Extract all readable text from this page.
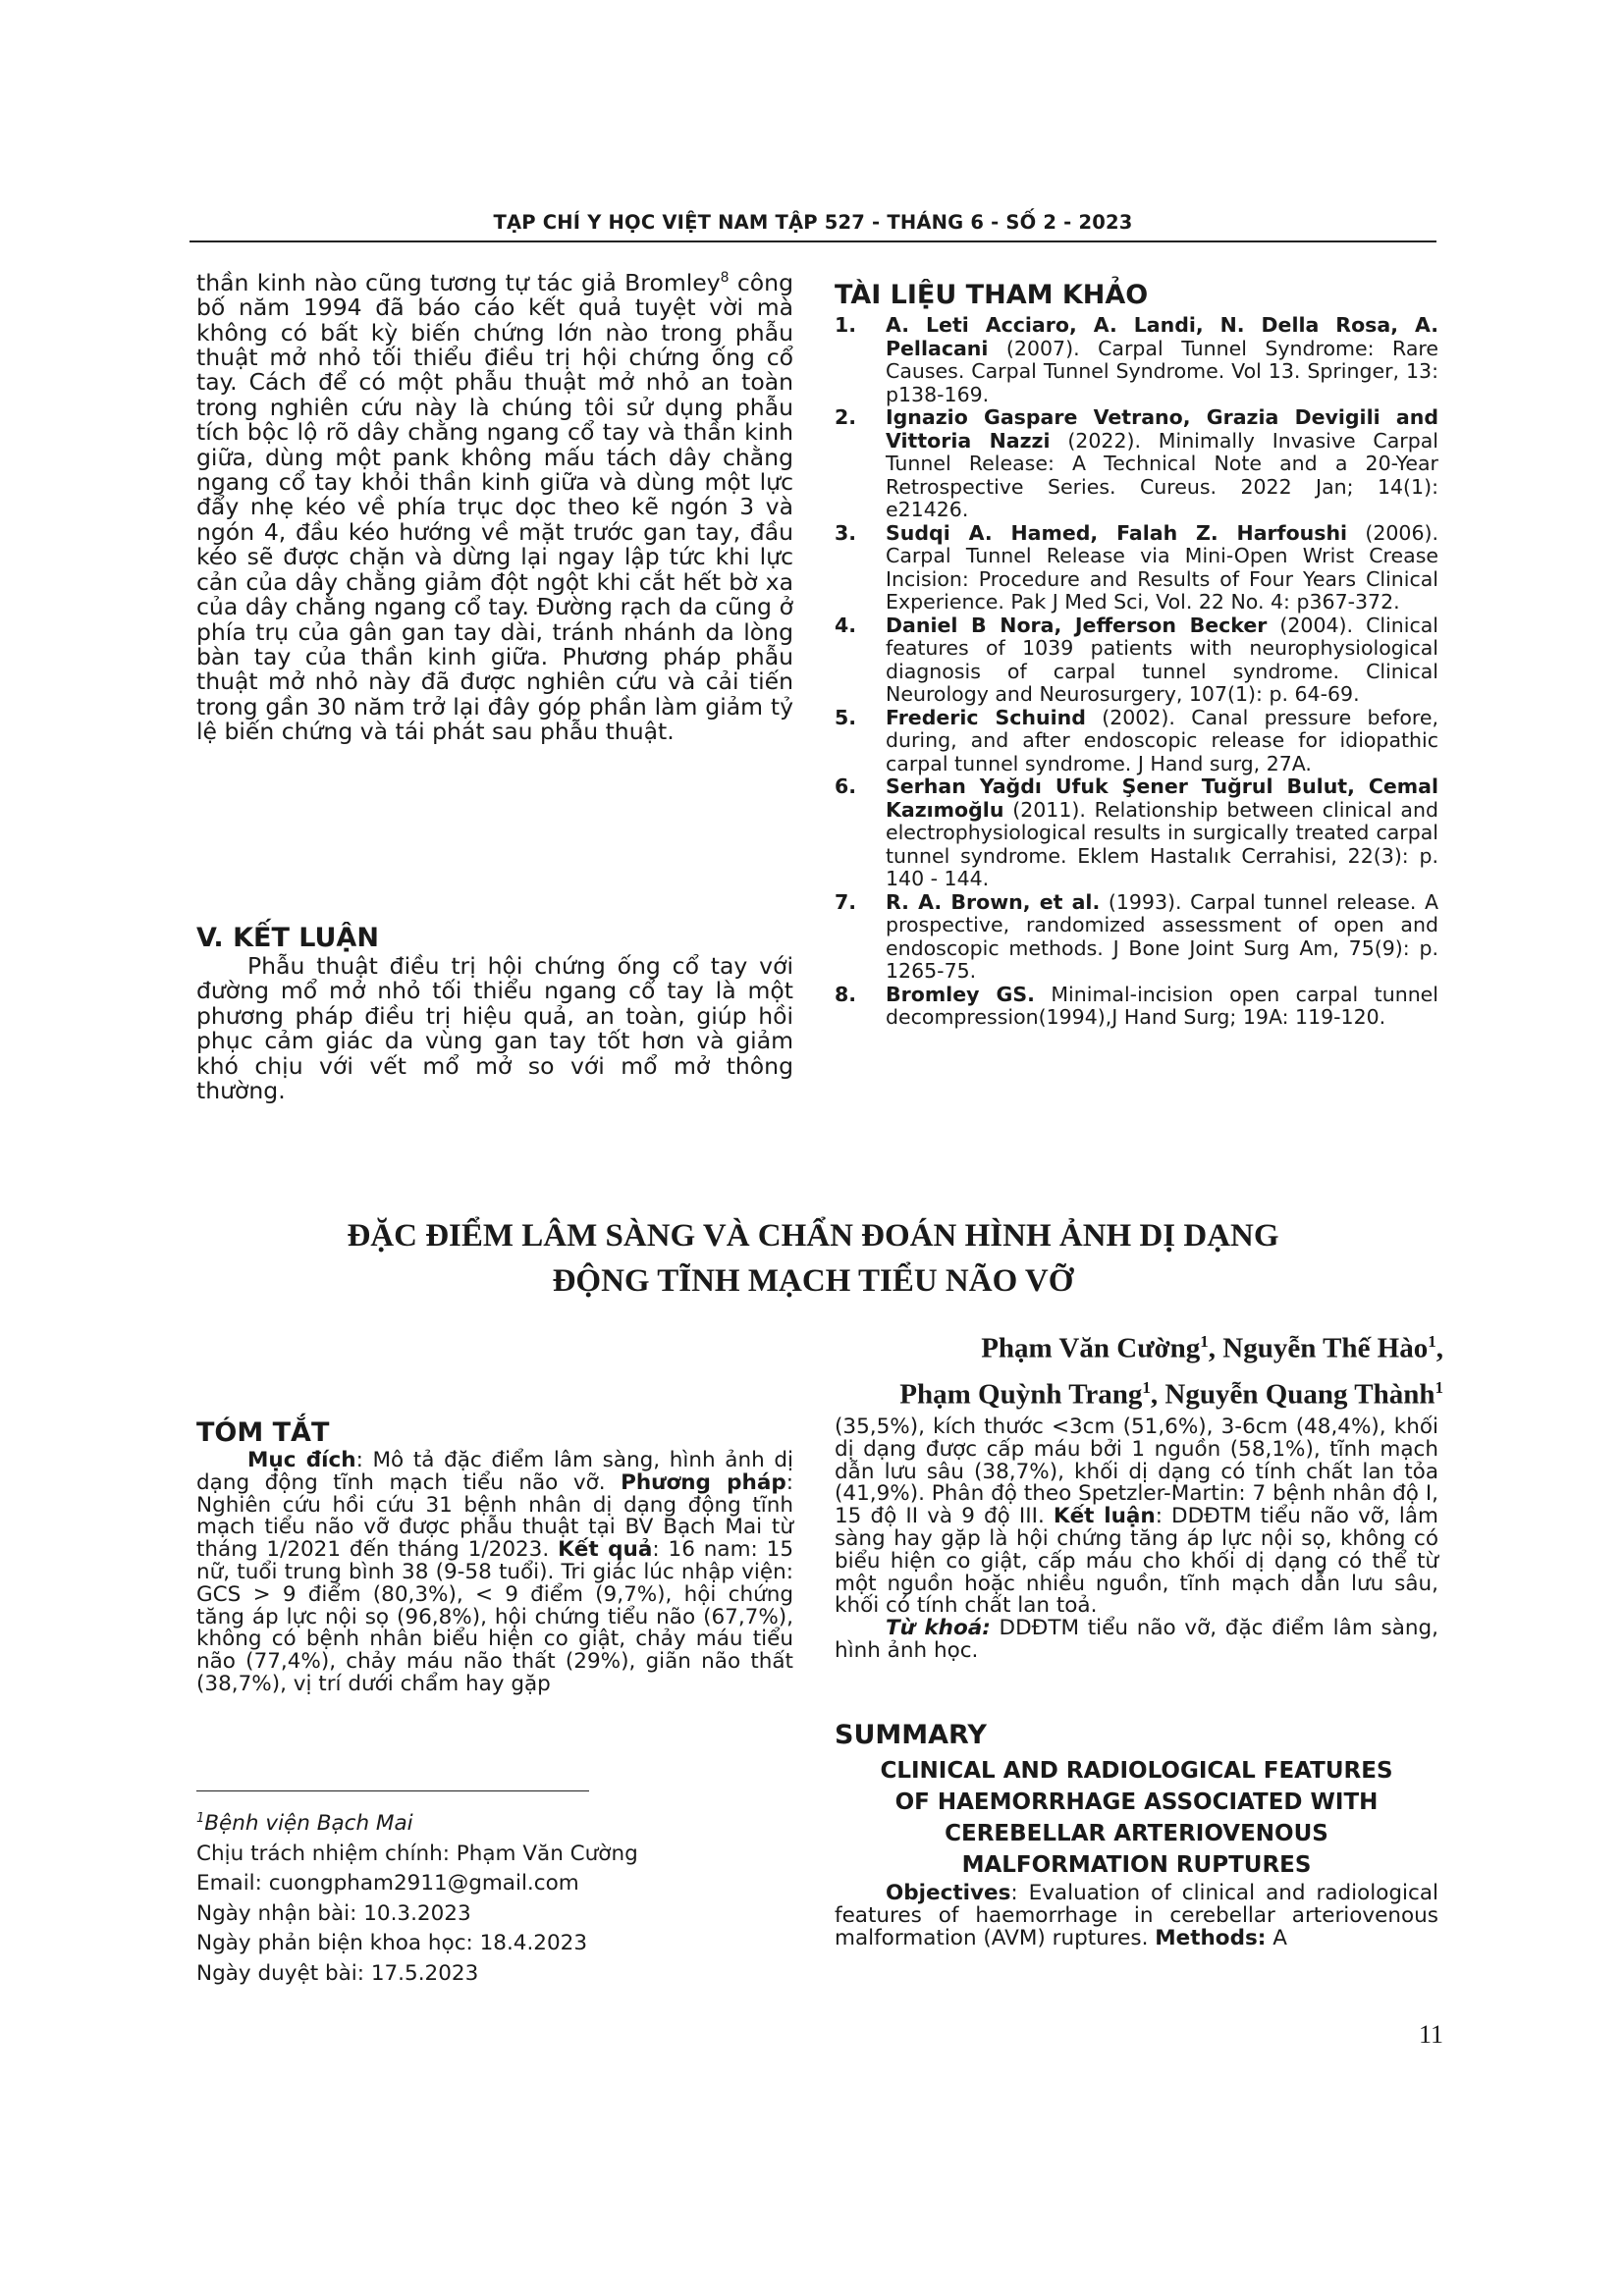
TẠP CHÍ Y HỌC VIỆT NAM TẬP 527 - THÁNG 6 - SỐ 2 - 2023

thần kinh nào cũng tương tự tác giả Bromley$^8$ công bố năm 1994 đã báo cáo kết quả tuyệt vời mà không có bất kỳ biến chứng lớn nào trong phẫu thuật mở nhỏ tối thiểu điều trị hội chứng ống cổ tay. Cách để có một phẫu thuật mở nhỏ an toàn trong nghiên cứu này là chúng tôi sử dụng phẫu tích bộc lộ rõ dây chằng ngang cổ tay và thần kinh giữa, dùng một pank không mấu tách dây chằng ngang cổ tay khỏi thần kinh giữa và dùng một lực đẩy nhẹ kéo về phía trục dọc theo kẽ ngón 3 và ngón 4, đầu kéo hướng về mặt trước gan tay, đầu kéo sẽ được chặn và dừng lại ngay lập tức khi lực cản của dây chằng giảm đột ngột khi cắt hết bờ xa của dây chằng ngang cổ tay. Đường rạch da cũng ở phía trụ của gân gan tay dài, tránh nhánh da lòng bàn tay của thần kinh giữa. Phương pháp phẫu thuật mở nhỏ này đã được nghiên cứu và cải tiến trong gần 30 năm trở lại đây góp phần làm giảm tỷ lệ biến chứng và tái phát sau phẫu thuật.

V. KẾT LUẬN

Phẫu thuật điều trị hội chứng ống cổ tay với đường mổ mở nhỏ tối thiểu ngang cổ tay là một phương pháp điều trị hiệu quả, an toàn, giúp hồi phục cảm giác da vùng gan tay tốt hơn và giảm khó chịu với vết mổ mở so với mổ mở thông thường.

TÀI LIỆU THAM KHẢO
1. A. Leti Acciaro, A. Landi, N. Della Rosa, A. Pellacani (2007). Carpal Tunnel Syndrome: Rare Causes. Carpal Tunnel Syndrome. Vol 13. Springer, 13: p138-169.
2. Ignazio Gaspare Vetrano, Grazia Devigili and Vittoria Nazzi (2022). Minimally Invasive Carpal Tunnel Release: A Technical Note and a 20-Year Retrospective Series. Cureus. 2022 Jan; 14(1): e21426.
3. Sudqi A. Hamed, Falah Z. Harfoushi (2006). Carpal Tunnel Release via Mini-Open Wrist Crease Incision: Procedure and Results of Four Years Clinical Experience. Pak J Med Sci, Vol. 22 No. 4: p367-372.
4. Daniel B Nora, Jefferson Becker (2004). Clinical features of 1039 patients with neurophysiological diagnosis of carpal tunnel syndrome. Clinical Neurology and Neurosurgery, 107(1): p. 64-69.
5. Frederic Schuind (2002). Canal pressure before, during, and after endoscopic release for idiopathic carpal tunnel syndrome. J Hand surg, 27A.
6. Serhan Yağdı Ufuk Şener Tuğrul Bulut, Cemal Kazımoğlu (2011). Relationship between clinical and electrophysiological results in surgically treated carpal tunnel syndrome. Eklem Hastalık Cerrahisi, 22(3): p. 140 - 144.
7. R. A. Brown, et al. (1993). Carpal tunnel release. A prospective, randomized assessment of open and endoscopic methods. J Bone Joint Surg Am, 75(9): p. 1265-75.
8. Bromley GS. Minimal-incision open carpal tunnel decompression(1994),J Hand Surg; 19A: 119-120.
ĐẶC ĐIỂM LÂM SÀNG VÀ CHẨN ĐOÁN HÌNH ẢNH DỊ DẠNG
ĐỘNG TĨNH MẠCH TIỂU NÃO VỠ
Phạm Văn Cường$^1$, Nguyễn Thế Hào$^1$,
Phạm Quỳnh Trang$^1$, Nguyễn Quang Thành$^1$
TÓM TẮT

Mục đích: Mô tả đặc điểm lâm sàng, hình ảnh dị dạng động tĩnh mạch tiểu não vỡ. Phương pháp: Nghiên cứu hồi cứu 31 bệnh nhân dị dạng động tĩnh mạch tiểu não vỡ được phẫu thuật tại BV Bạch Mai từ tháng 1/2021 đến tháng 1/2023. Kết quả: 16 nam: 15 nữ, tuổi trung bình 38 (9-58 tuổi). Tri giác lúc nhập viện: GCS > 9 điểm (80,3%), < 9 điểm (9,7%), hội chứng tăng áp lực nội sọ (96,8%), hội chứng tiểu não (67,7%), không có bệnh nhân biểu hiện co giật, chảy máu tiểu não (77,4%), chảy máu não thất (29%), giãn não thất (38,7%), vị trí dưới chẩm hay gặp

(35,5%), kích thước <3cm (51,6%), 3-6cm (48,4%), khối dị dạng được cấp máu bởi 1 nguồn (58,1%), tĩnh mạch dẫn lưu sâu (38,7%), khối dị dạng có tính chất lan tỏa (41,9%). Phân độ theo Spetzler-Martin: 7 bệnh nhân độ I, 15 độ II và 9 độ III. Kết luận: DDĐTM tiểu não vỡ, lâm sàng hay gặp là hội chứng tăng áp lực nội sọ, không có biểu hiện co giật, cấp máu cho khối dị dạng có thể từ một nguồn hoặc nhiều nguồn, tĩnh mạch dẫn lưu sâu, khối có tính chất lan toả.

Từ khoá: DDĐTM tiểu não vỡ, đặc điểm lâm sàng, hình ảnh học.

$^1$Bệnh viện Bạch Mai

Chịu trách nhiệm chính: Phạm Văn Cường

Email: cuongpham2911@gmail.com

Ngày nhận bài: 10.3.2023

Ngày phản biện khoa học: 18.4.2023

Ngày duyệt bài: 17.5.2023

SUMMARY
CLINICAL AND RADIOLOGICAL FEATURES
OF HAEMORRHAGE ASSOCIATED WITH
CEREBELLAR ARTERIOVENOUS
MALFORMATION RUPTURES

Objectives: Evaluation of clinical and radiological features of haemorrhage in cerebellar arteriovenous malformation (AVM) ruptures. Methods: A

11
